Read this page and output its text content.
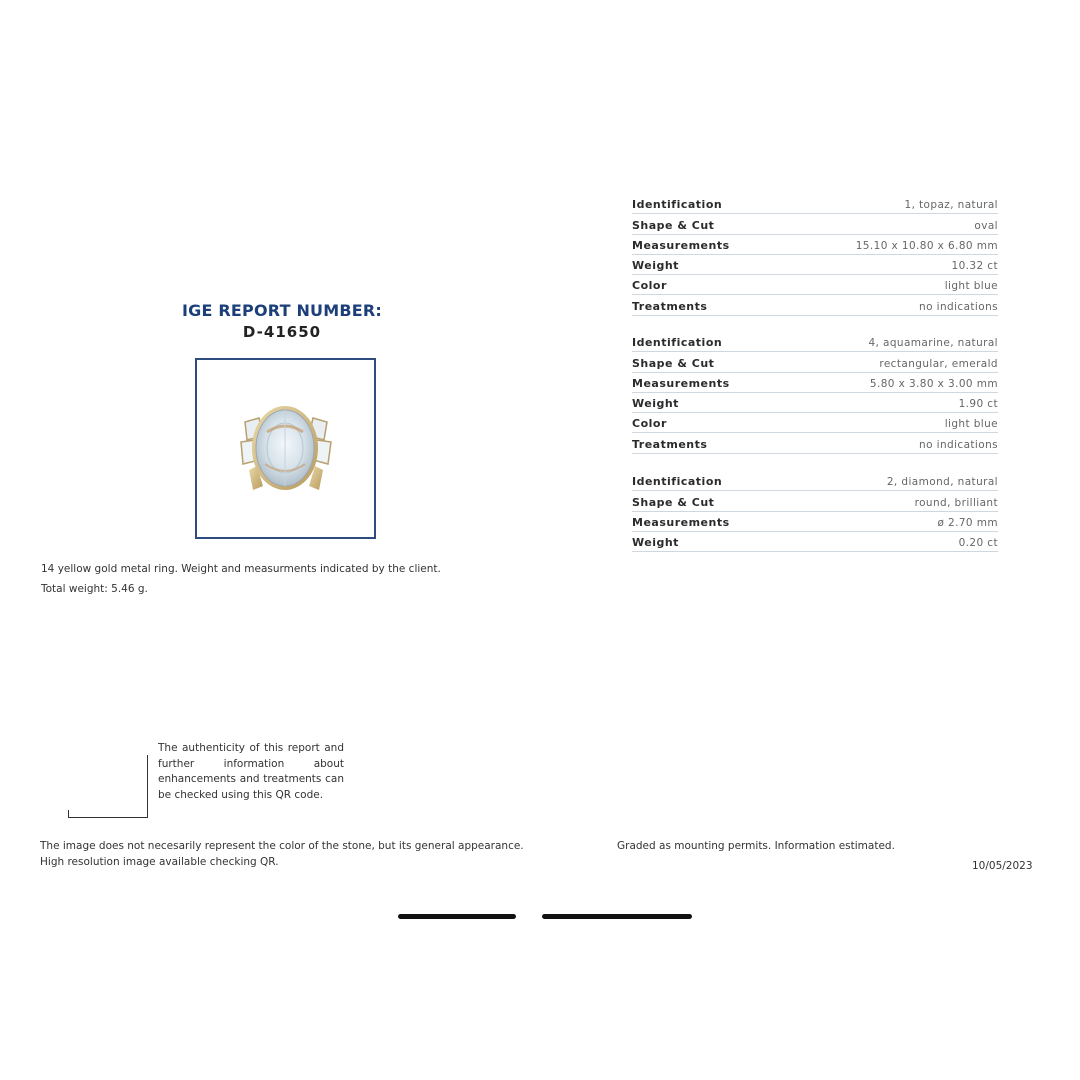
IGE REPORT NUMBER:
D-41650
14 yellow gold metal ring. Weight and measurments indicated by the client.
Total weight: 5.46 g.
Identification	1, topaz, natural
Shape & Cut	oval
Measurements	15.10 x 10.80 x 6.80 mm
Weight	10.32 ct
Color	light blue
Treatments	no indications
Identification	4, aquamarine, natural
Shape & Cut	rectangular, emerald
Measurements	5.80 x 3.80 x 3.00 mm
Weight	1.90 ct
Color	light blue
Treatments	no indications
Identification	2, diamond, natural
Shape & Cut	round, brilliant
Measurements	ø 2.70 mm
Weight	0.20 ct
The authenticity of this report and further information about enhancements and treatments can be checked using this QR code.
The image does not necesarily represent the color of the stone, but its general appearance.
High resolution image available checking QR.
Graded as mounting permits. Information estimated.
10/05/2023
